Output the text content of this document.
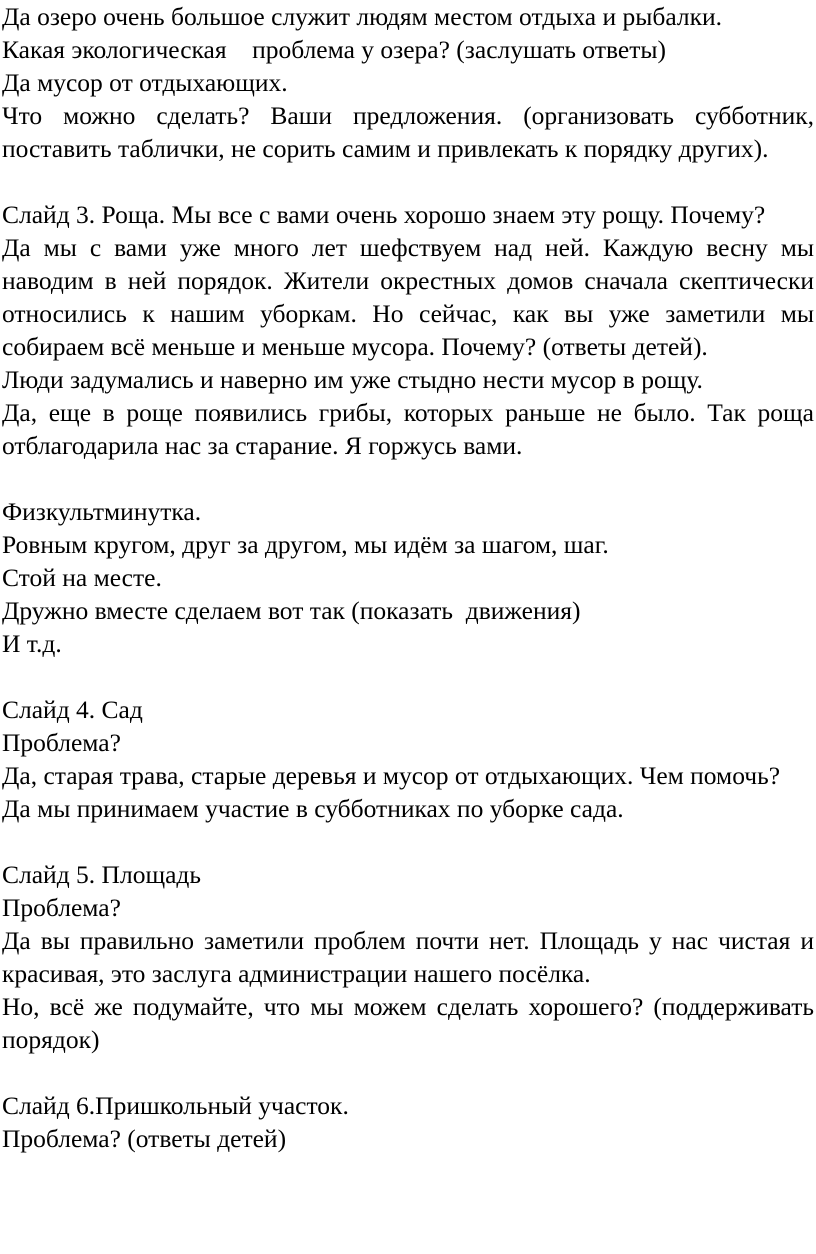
Да озеро очень большое служит людям местом отдыха и рыбалки.

Какая экологическая    проблема у озера? (заслушать ответы)

Да мусор от отдыхающих.

Что можно сделать? Ваши предложения. (организовать субботник, поставить таблички, не сорить самим и привлекать к порядку других).

Слайд 3. Роща. Мы все с вами очень хорошо знаем эту рощу. Почему?

Да мы с вами уже много лет шефствуем над ней. Каждую весну мы наводим в ней порядок. Жители окрестных домов сначала скептически относились к нашим уборкам. Но сейчас, как вы уже заметили мы собираем всё меньше и меньше мусора. Почему? (ответы детей).

Люди задумались и наверно им уже стыдно нести мусор в рощу.

Да, еще в роще появились грибы, которых раньше не было. Так роща отблагодарила нас за старание. Я горжусь вами.

Физкультминутка.

Ровным кругом, друг за другом, мы идём за шагом, шаг.

Стой на месте.

Дружно вместе сделаем вот так (показать  движения)

И т.д.

Слайд 4. Сад

Проблема?

Да, старая трава, старые деревья и мусор от отдыхающих. Чем помочь?

Да мы принимаем участие в субботниках по уборке сада.

Слайд 5. Площадь

Проблема?

Да вы правильно заметили проблем почти нет. Площадь у нас чистая и красивая, это заслуга администрации нашего посёлка.

Но, всё же подумайте, что мы можем сделать хорошего? (поддерживать порядок)

Слайд 6.Пришкольный участок.

Проблема? (ответы детей)
